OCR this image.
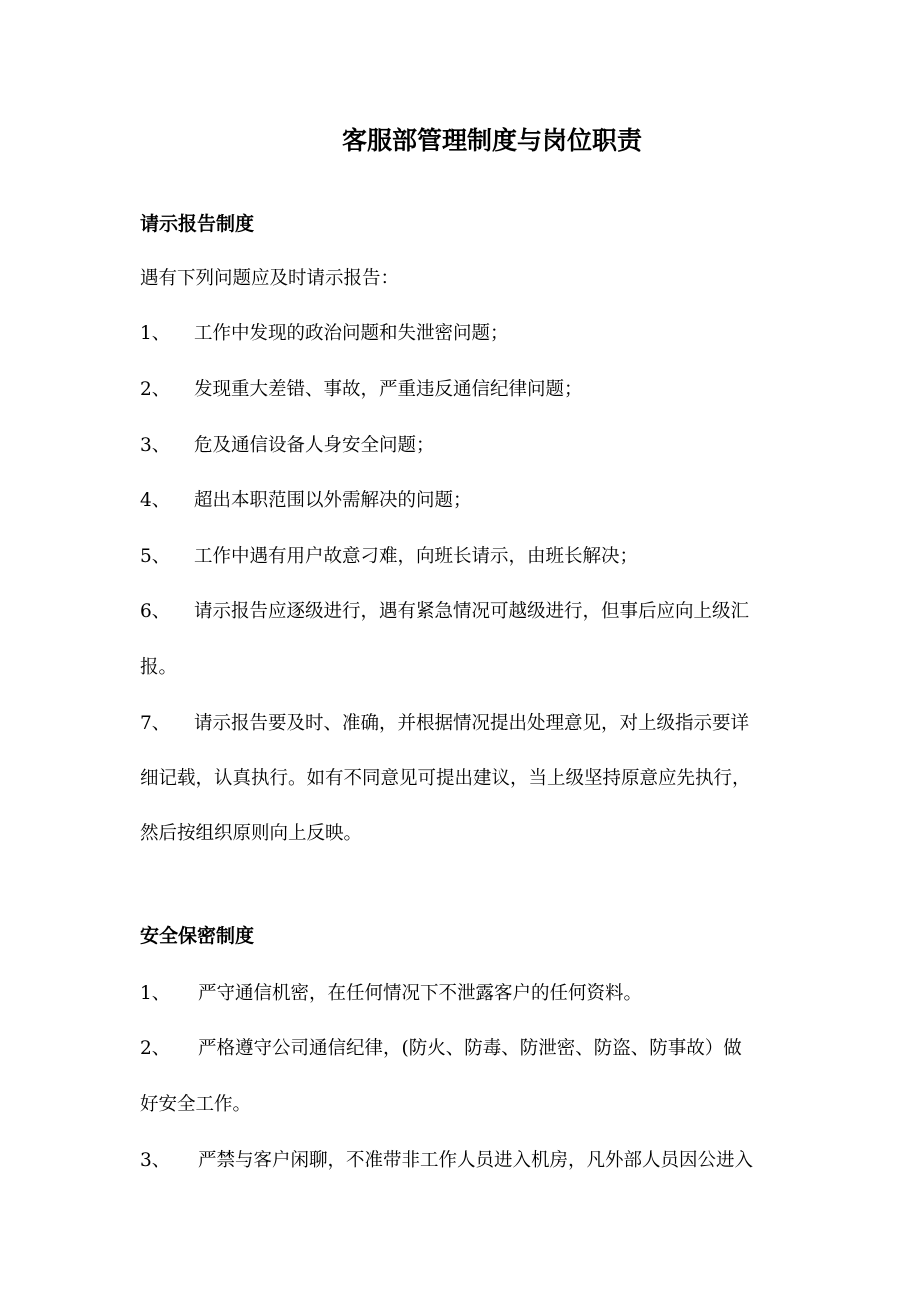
客服部管理制度与岗位职责
请示报告制度
遇有下列问题应及时请示报告：
1、 工作中发现的政治问题和失泄密问题；
2、 发现重大差错、事故，严重违反通信纪律问题；
3、 危及通信设备人身安全问题；
4、 超出本职范围以外需解决的问题；
5、 工作中遇有用户故意刁难，向班长请示，由班长解决；
6、 请示报告应逐级进行，遇有紧急情况可越级进行，但事后应向上级汇
报。
7、 请示报告要及时、准确，并根据情况提出处理意见，对上级指示要详
细记载，认真执行。如有不同意见可提出建议，当上级坚持原意应先执行，
然后按组织原则向上反映。
安全保密制度
1、 严守通信机密，在任何情况下不泄露客户的任何资料。
2、 严格遵守公司通信纪律，(防火、防毒、防泄密、防盗、防事故）做
好安全工作。
3、 严禁与客户闲聊，不准带非工作人员进入机房，凡外部人员因公进入
